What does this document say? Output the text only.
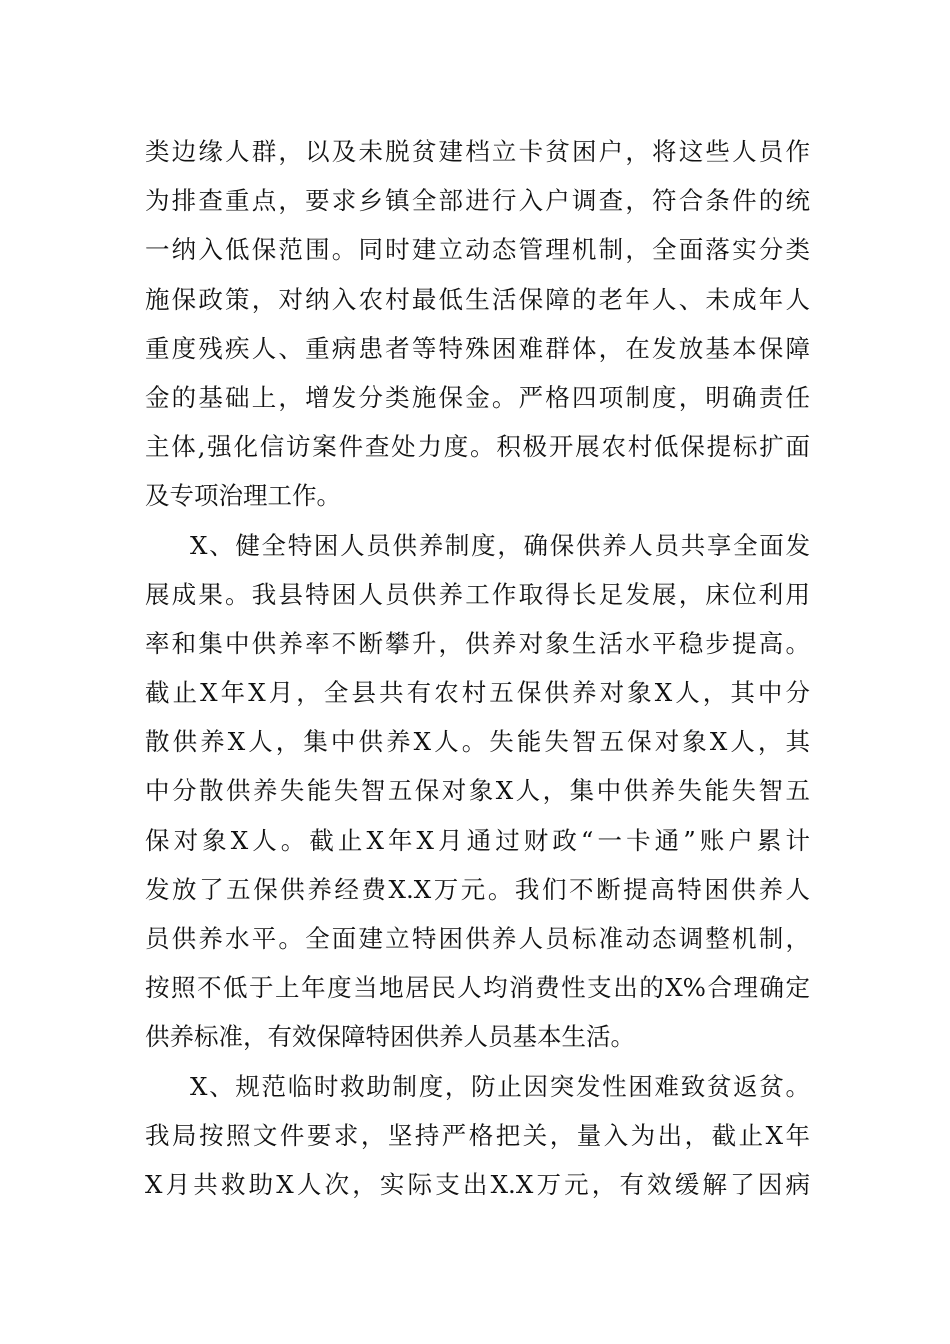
类边缘人群，以及未脱贫建档立卡贫困户，将这些人员作
为排查重点，要求乡镇全部进行入户调查，符合条件的统
一纳入低保范围。同时建立动态管理机制，全面落实分类
施保政策，对纳入农村最低生活保障的老年人、未成年人
重度残疾人、重病患者等特殊困难群体，在发放基本保障
金的基础上，增发分类施保金。严格四项制度，明确责任
主体,强化信访案件查处力度。积极开展农村低保提标扩面
及专项治理工作。
X、健全特困人员供养制度，确保供养人员共享全面发
展成果。我县特困人员供养工作取得长足发展，床位利用
率和集中供养率不断攀升，供养对象生活水平稳步提高。
截止X年X月，全县共有农村五保供养对象X人，其中分
散供养X人，集中供养X人。失能失智五保对象X人，其
中分散供养失能失智五保对象X人，集中供养失能失智五
保对象X人。截止X年X月通过财政“一卡通”账户累计
发放了五保供养经费X.X万元。我们不断提高特困供养人
员供养水平。全面建立特困供养人员标准动态调整机制，
按照不低于上年度当地居民人均消费性支出的X%合理确定
供养标准，有效保障特困供养人员基本生活。
X、规范临时救助制度，防止因突发性困难致贫返贫。
我局按照文件要求，坚持严格把关，量入为出，截止X年
X月共救助X人次，实际支出X.X万元，有效缓解了因病
